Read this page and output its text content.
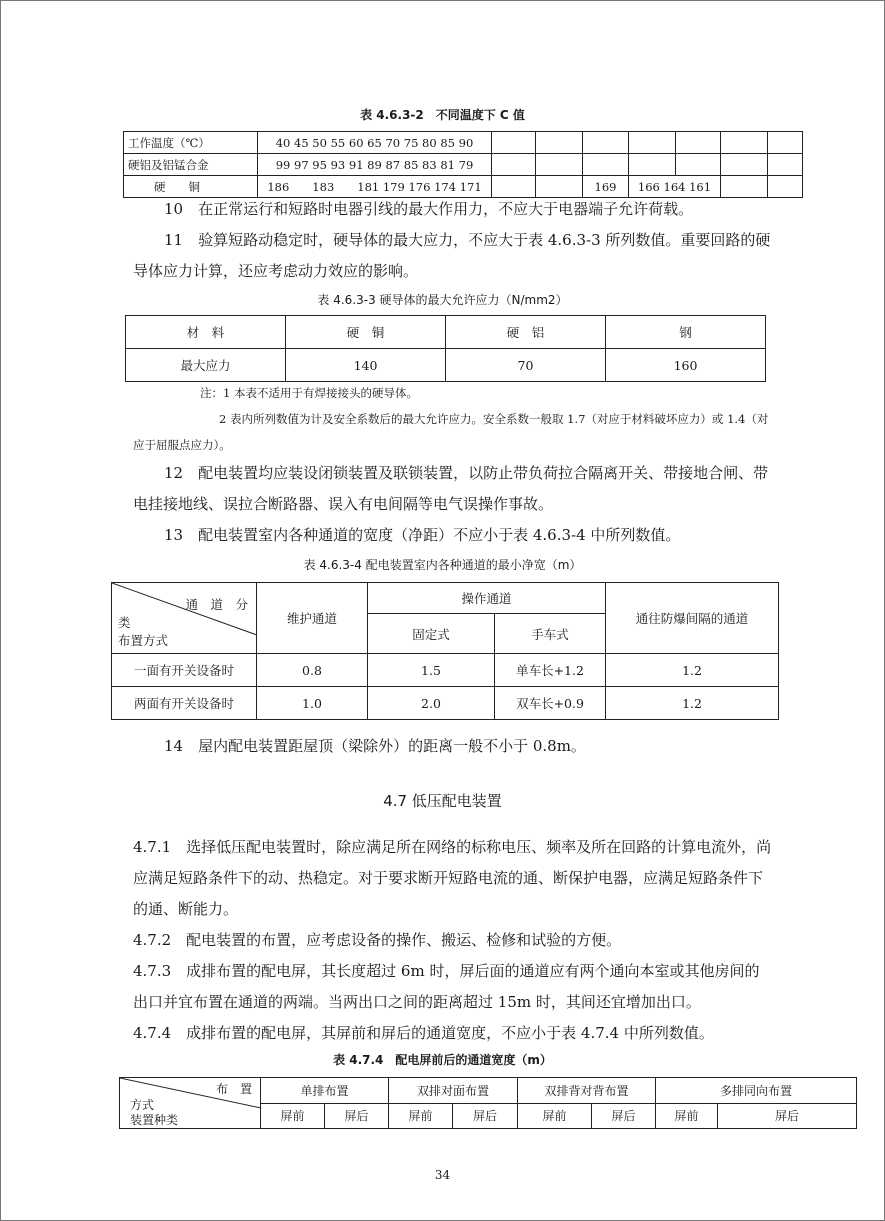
表 4.6.3-2　不同温度下 C 值
工作温度（℃）	40 45 50 55 60 65 70 75 80 85 90							
硬铝及铝锰合金	99 97 95 93 91 89 87 85 83 81 79							
硬　　铜	186　　183　　181 179 176 174 171			169	166 164 161			

10　在正常运行和短路时电器引线的最大作用力，不应大于电器端子允许荷载。

11　验算短路动稳定时，硬导体的最大应力，不应大于表 4.6.3-3 所列数值。重要回路的硬导体应力计算，还应考虑动力效应的影响。

表 4.6.3-3 硬导体的最大允许应力（N/mm2）
材　料	硬　铜	硬　铝	钢
最大应力	140	70	160

注：1 本表不适用于有焊接接头的硬导体。

2 表内所列数值为计及安全系数后的最大允许应力。安全系数一般取 1.7（对应于材料破坏应力）或 1.4（对应于屈服点应力）。

12　配电装置均应装设闭锁装置及联锁装置，以防止带负荷拉合隔离开关、带接地合闸、带电挂接地线、误拉合断路器、误入有电间隔等电气误操作事故。

13　配电装置室内各种通道的宽度（净距）不应小于表 4.6.3-4 中所列数值。

表 4.6.3-4 配电装置室内各种通道的最小净宽（m）
通　道　分
类
布置方式	维护通道	操作通道		通往防爆间隔的通道
		固定式	手车式	
一面有开关设备时	0.8	1.5	单车长+1.2	1.2
两面有开关设备时	1.0	2.0	双车长+0.9	1.2

14　屋内配电装置距屋顶（梁除外）的距离一般不小于 0.8m。

4.7 低压配电装置

4.7.1　选择低压配电装置时，除应满足所在网络的标称电压、频率及所在回路的计算电流外，尚应满足短路条件下的动、热稳定。对于要求断开短路电流的通、断保护电器，应满足短路条件下的通、断能力。

4.7.2　配电装置的布置，应考虑设备的操作、搬运、检修和试验的方便。

4.7.3　成排布置的配电屏，其长度超过 6m 时，屏后面的通道应有两个通向本室或其他房间的出口并宜布置在通道的两端。当两出口之间的距离超过 15m 时，其间还宜增加出口。

4.7.4　成排布置的配电屏，其屏前和屏后的通道宽度，不应小于表 4.7.4 中所列数值。

表 4.7.4　配电屏前后的通道宽度（m）
布　置
方式
装置种类	单排布置		双排对面布置		双排背对背布置		多排同向布置	
	屏前	屏后	屏前	屏后	屏前	屏后	屏前	屏后
34
